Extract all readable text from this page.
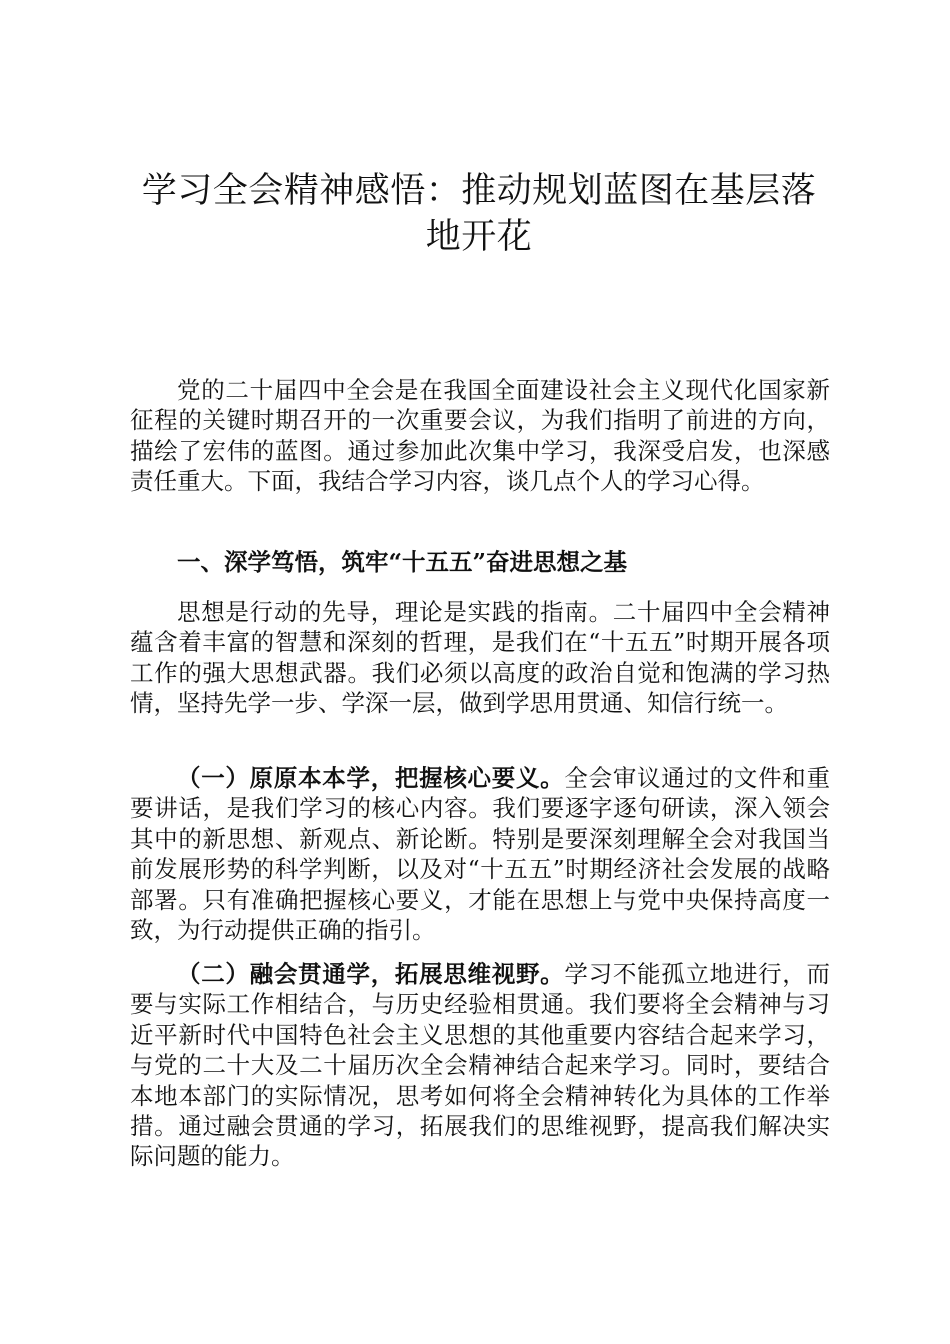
学习全会精神感悟：推动规划蓝图在基层落地开花

党的二十届四中全会是在我国全面建设社会主义现代化国家新征程的关键时期召开的一次重要会议，为我们指明了前进的方向，描绘了宏伟的蓝图。通过参加此次集中学习，我深受启发，也深感责任重大。下面，我结合学习内容，谈几点个人的学习心得。

一、深学笃悟，筑牢“十五五”奋进思想之基

思想是行动的先导，理论是实践的指南。二十届四中全会精神蕴含着丰富的智慧和深刻的哲理，是我们在“十五五”时期开展各项工作的强大思想武器。我们必须以高度的政治自觉和饱满的学习热情，坚持先学一步、学深一层，做到学思用贯通、知信行统一。

（一）原原本本学，把握核心要义。全会审议通过的文件和重要讲话，是我们学习的核心内容。我们要逐字逐句研读，深入领会其中的新思想、新观点、新论断。特别是要深刻理解全会对我国当前发展形势的科学判断，以及对“十五五”时期经济社会发展的战略部署。只有准确把握核心要义，才能在思想上与党中央保持高度一致，为行动提供正确的指引。

（二）融会贯通学，拓展思维视野。学习不能孤立地进行，而要与实际工作相结合，与历史经验相贯通。我们要将全会精神与习近平新时代中国特色社会主义思想的其他重要内容结合起来学习，与党的二十大及二十届历次全会精神结合起来学习。同时，要结合本地本部门的实际情况，思考如何将全会精神转化为具体的工作举措。通过融会贯通的学习，拓展我们的思维视野，提高我们解决实际问题的能力。
